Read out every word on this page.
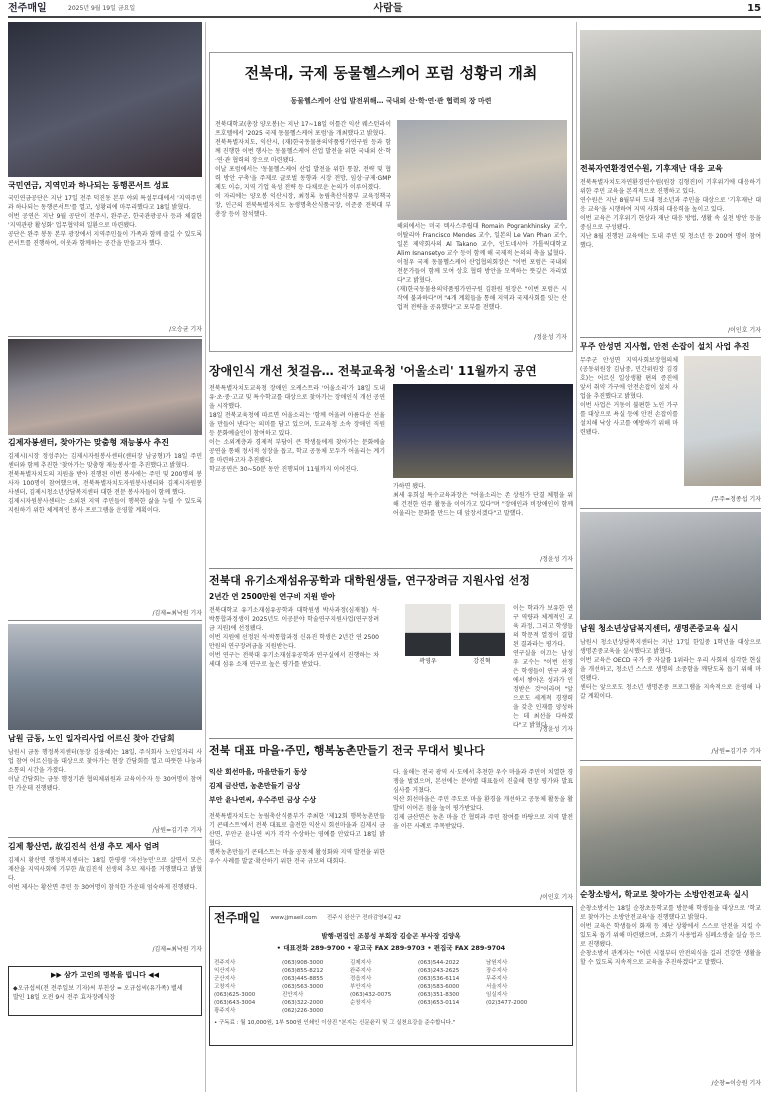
전주매일	2025년 9월 19일 금요일	사람들	15
국민연금, 지역민과 하나되는 동행콘서트 성료
국민연금공단은 지난 17일 전주 덕진동 본부 야외 특설무대에서 '지역주민과 하나되는 동행콘서트'를 열고, 성황리에 마무리했다고 18일 밝혔다.
이번 공연은 지난 9월 공단이 전주시, 완주군, 한국관광공사 등과 체결한 '지역관광 활성화' 업무협약의 일환으로 마련됐다.
공단은 완주 봉동 본부 광장에서 지역주민들이 가족과 함께 즐길 수 있도록 콘서트를 진행하여, 이웃과 함께하는 공간을 만들고자 했다.
/오승균 기자
김제자봉센터, 찾아가는 맞춤형 재능봉사 추진
김제시(시장 정성주)는 김제시자원봉사센터(센터장 남궁형)가 18일 주민센터와 함께 추진한 '찾아가는 맞춤형 재능봉사'를 추진했다고 밝혔다.
전북특별자치도의 지원을 받아 진행된 이번 봉사에는 주민 및 200명의 봉사자 100명이 참여했으며, 전북특별자치도자원봉사센터와 김제시자원봉사센터, 김제시청소년상담복지센터 대한 전문 봉사자들이 함께 했다.
김제시자원봉사센터는 소외된 지역 주민들이 행복한 삶을 누릴 수 있도록 지원하기 위한 체계적인 봉사 프로그램을 운영할 계획이다.
/김제=최낙원 기자
남원 금동, 노인 일자리사업 어르신 찾아 간담회
남원시 금동 행정복지센터(동장 김웅혜)는 18일, 주식회사 노인일자리 사업 참여 어르신들을 대상으로 찾아가는 현장 간담회를 열고 따뜻한 나눔과 소통의 시간을 가졌다.
이날 간담회는 금동 행정기관 협의체위원과 교육이수자 등 30여명이 참여한 가운데 진행됐다.
/남원=김기주 기자
김제 황산면, 故김진석 선생 추모 제사 엄려
김제시 황산면 행정복지센터는 18일 한평생 '자선농민'으로 살면서 모은 재산을 지역사회에 기부한 故김진석 선생의 추모 제사를 거행했다고 밝혔다.
이번 제사는 황산면 주민 등 30여명이 참석한 가운데 엄숙하게 진행됐다.
/김제=최낙원 기자
▶▶ 삼가 고인의 명복을 빕니다 ◀◀
◆오규섭씨(전 전주일보 기자)씨 부친상 = 오규섭씨(유가족) 별세
발인 18일 오전 9시 전주 효자장례식장
전북대, 국제 동물헬스케어 포럼 성황리 개최
동물헬스케어 산업 발전위해… 국내외 산·학·연·관 협력의 장 마련
전북대학교(총장 양오봉)는 지난 17~18일 이틀간 익산 웨스턴라이프호텔에서 '2025 국제 동물헬스케어 포럼'을 개최했다고 밝혔다.
전북특별자치도, 익산시, (재)한국동물용의약품평가연구원 등과 함께 진행한 이번 행사는 동물헬스케어 산업 발전을 위한 국내외 산·학·연·관 협력의 장으로 마련됐다.
이날 포럼에서는 '동물헬스케어 산업 발전을 위한 통찰, 전략 및 협력 방안 구축'을 주제로 글로벌 동향과 시장 전망, 임상·규제·GMP 제도 이슈, 지역 기업 육성 전략 등 다채로운 논의가 이루어졌다.
이 자리에는 양오봉 익산시장, 최정록 농림축산식품부 교육정책국장, 인근의 전북특별자치도 농생명축산식품국장, 이준중 전북대 부총장 등이 참석했다.
해외에서는 미국 텍사스주립대 Romain Pogrankhinsky 교수, 이탈리아 Francisco Mendes 교수, 일본의 Le Van Phan 교수, 일본 제약회사의 Al Takano 교수, 인도네시아 가톨릭대학교 Alim Isnansetyo 교수 등이 함께 해 국제적 논의의 축을 넓혔다.
이철우 국제 동물헬스케어 산업협의회장은 "이번 포럼은 국내외 전문가들이 함께 모여 상호 협력 방안을 모색하는 뜻깊은 자리였다"고 밝혔다.
(재)한국동물용의약품평가연구원 김완원 원장은 "이번 포럼은 시작에 불과하다"며 "4개 계획들을 통해 지역과 국제사회를 잇는 산업적 전략을 공유했다"고 포부를 전했다.
/정윤성 기자
장애인식 개선 첫걸음… 전북교육청 '어울소리' 11월까지 공연
전북특별자치도교육청 장애인 오케스트라 '어울소리'가 18일 도내 유·초·중·고교 및 특수학교를 대상으로 찾아가는 장애인식 개선 공연을 시작했다.
18일 전북교육청에 따르면 어울소리는 '함께 어울려 아름다운 선율을 만들어 낸다'는 의미를 담고 있으며, 도교육청 소속 장애인 직원 등 문화예술인이 참여하고 있다.
이는 소외계층과 경제적 부담이 큰 학생들에게 찾아가는 문화예술 공연을 통해 정서적 성장을 돕고, 학교 공동체 모두가 어울리는 계기를 마련하고자 추진됐다.
학교공연은 30~50분 동안 진행되며 11월까지 이어진다.
가하면 됐다.
최세 유희설 특수교육과장은 "어울소리는 존 상원가 단결 체험을 위해 건전한 연주 활동을 이어가고 있다"며 "장애인과 비장애인이 함께 어울리는 문화를 만드는 데 앞장서겠다"고 말했다.
/정윤성 기자
전북대 유기소재섬유공학과 대학원생들, 연구장려금 지원사업 선정
2년간 연 2500만원 연구비 지원 받아
전북대학교 유기소재섬유공학과 대학원생 박사과정(심재철) 석·박통합과정생이 2025년도 이공분야 학술연구지원사업(연구장려금 지원)에 선정됐다.
이번 지원에 선정된 석·박통합과정 신유진 학생은 2년간 연 2500만원의 연구장려금을 지원받는다.
이번 연구는 전북대 유기소재섬유공학과 연구실에서 진행하는 차세대 섬유 소재 연구로 높은 평가를 받았다.	곽영우	강진혁
이는 학과가 보유한 연구 역량과 체계적인 교육 과정, 그리고 학생들의 학문적 열정이 결합된 결과라는 평가다.
연구실을 이끄는 남성우 교수는 "이번 선정은 학생들이 연구 과정에서 쌓아온 성과가 인정받은 것"이라며 "앞으로도 세계적 경쟁력을 갖춘 인재를 양성하는 데 최선을 다하겠다"고 밝혔다.
/정윤성 기자
전북 대표 마을·주민, 행복농촌만들기 전국 무대서 빛나다
익산 회선마을, 마을만들기 동상
김제 금산면, 농촌만들기 금상
부안 윤나연씨, 우수주민 금상 수상
전북특별자치도는 농림축산식품부가 주최한 '제12회 행복농촌만들기 콘테스트'에서 전북 대표로 출전한 익산시 회선마을과 김제시 금산면, 부안군 윤나연 씨가 각각 수상하는 영예를 안았다고 18일 밝혔다.
행복농촌만들기 콘테스트는 마을 공동체 활성화와 지역 발전을 위한 우수 사례를 발굴·확산하기 위한 전국 규모의 대회다.
다. 올해는 전국 광역 시·도에서 추천한 우수 마을과 주민이 치열한 경쟁을 벌였으며, 본선에는 분야별 대표들이 진출해 현장 평가와 발표 심사를 거쳤다.
익산 회선마을은 주민 주도로 마을 환경을 개선하고 공동체 활동을 활발히 이어온 점을 높이 평가받았다.
김제 금산면은 농촌 마을 간 협력과 주민 참여를 바탕으로 지역 발전을 이끈 사례로 주목받았다.
/이인호 기자
전주매일 www.jjmaeil.com 전주시 완산구 전라감영4길 42
발행·편집인 조봉성 부회장 김승곤 부사장 김양옥
• 대표전화 289-9700 • 광고국 FAX 289-9703 • 편집국 FAX 289-9704
전주지사	(063)908-3000	김제지사	(063)544-2022	남원지사
익산지사	(063)855-8212	완주지사	(063)243-2625	장수지사
군산지사	(063)445-8855	정읍지사	(063)536-6114	무주지사
고창지사	(063)563-3000	부안지사	(063)583-6000	서울지사
(063)625-3000	진안지사	(063)432-0075	(063)351-8300	임실지사
(063)643-3004	(063)322-2000	순창지사	(063)653-0114	(02)3477-2000
광주지사	(062)226-3000
• 구독료 : 월 10,000원, 1부 500원 인쇄인 이상진 "본지는 신문윤리 및 그 실천요강을 준수합니다."
전북자연환경연수원, 기후재난 대응 교육
전북특별자치도자연환경연수원(원장 김형진)이 기후위기에 대응하기 위한 주민 교육을 본격적으로 진행하고 있다.
연수원은 지난 8월부터 도내 청소년과 주민을 대상으로 '기후재난 대응 교육'을 시행하여 지역 사회의 대응력을 높이고 있다.
이번 교육은 기후위기 현상과 재난 대응 방법, 생활 속 실천 방안 등을 중심으로 구성됐다.
지난 8월 진행된 교육에는 도내 주민 및 청소년 등 200여 명이 참여했다.
/이인호 기자
무주 안성면 지사협, 안전 손잡이 설치 사업 추진
무주군 안성면 지역사회보장협의체(공동위원장 김남중, 민간위원장 김경호)는 어르신 일상생활 편의 증진에 앞서 취약 가구에 안전손잡이 설치 사업을 추진했다고 밝혔다.
이번 사업은 거동이 불편한 노인 가구를 대상으로 욕실 등에 안전 손잡이를 설치해 낙상 사고를 예방하기 위해 마련됐다.
/무주=정종섭 기자
남원 청소년상담복지센터, 생명존중교육 실시
남원시 청소년상담복지센터는 지난 17일 한일중 1학년을 대상으로 생명존중교육을 실시했다고 밝혔다.
이번 교육은 OECD 국가 중 자살률 1위라는 우리 사회의 심각한 현실을 개선하고, 청소년 스스로 생명의 소중함을 깨닫도록 돕기 위해 마련됐다.
센터는 앞으로도 청소년 생명존중 프로그램을 지속적으로 운영해 나갈 계획이다.
/남원=김기주 기자
순창소방서, 학교로 찾아가는 소방안전교육 실시
순창소방서는 18일 순창초등학교를 방문해 학생들을 대상으로 '학교로 찾아가는 소방안전교육'을 진행했다고 밝혔다.
이번 교육은 학생들이 화재 등 재난 상황에서 스스로 안전을 지킬 수 있도록 돕기 위해 마련됐으며, 소화기 사용법과 심폐소생술 실습 등으로 진행됐다.
순창소방서 관계자는 "어린 시절부터 안전의식을 길러 건강한 생활을 할 수 있도록 지속적으로 교육을 추진하겠다"고 말했다.
/순창=이승원 기자
